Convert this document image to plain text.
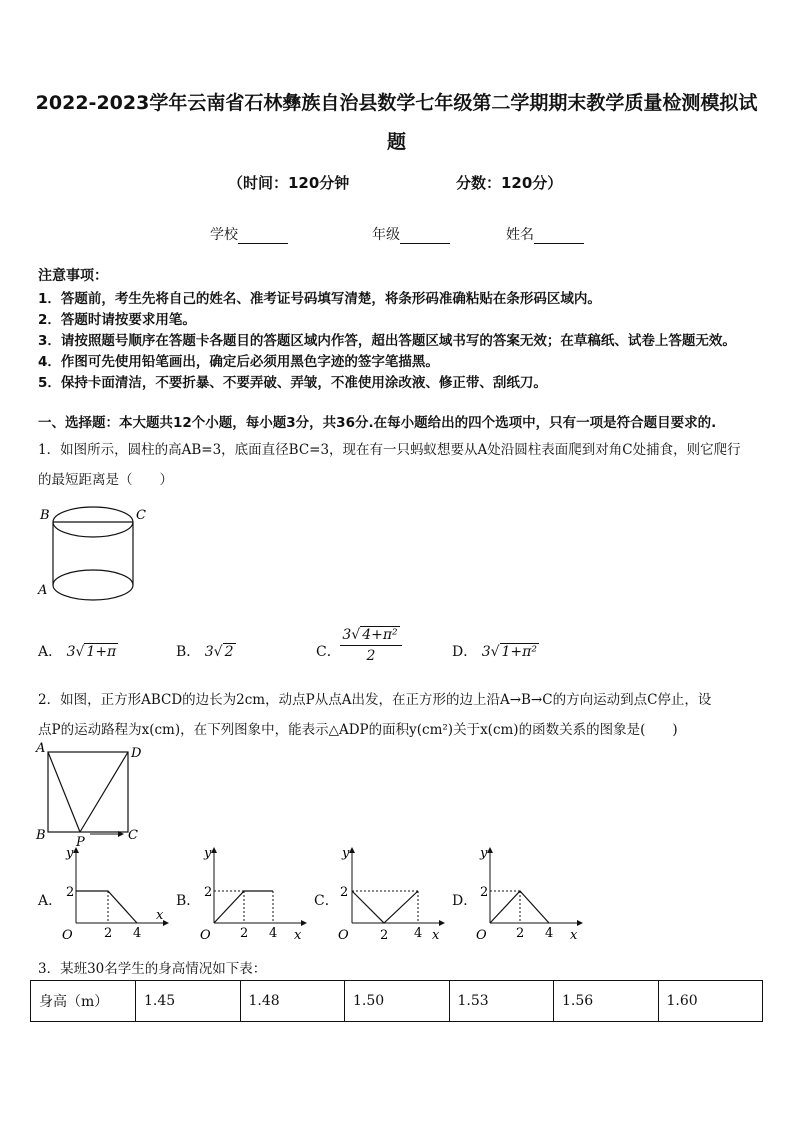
2022-2023学年云南省石林彝族自治县数学七年级第二学期期末教学质量检测模拟试
题
（时间：120分钟	分数：120分）
学校	年级	姓名
注意事项：
1．答题前，考生先将自己的姓名、准考证号码填写清楚，将条形码准确粘贴在条形码区域内。
2．答题时请按要求用笔。
3．请按照题号顺序在答题卡各题目的答题区域内作答，超出答题区域书写的答案无效；在草稿纸、试卷上答题无效。
4．作图可先使用铅笔画出，确定后必须用黑色字迹的签字笔描黑。
5．保持卡面清洁，不要折暴、不要弄破、弄皱，不准使用涂改液、修正带、刮纸刀。
一、选择题：本大题共12个小题，每小题3分，共36分.在每小题给出的四个选项中，只有一项是符合题目要求的.
1．如图所示，圆柱的高AB=3，底面直径BC=3，现在有一只蚂蚁想要从A处沿圆柱表面爬到对角C处捕食，则它爬行
的最短距离是（　　）
B	C
A
A． 3√ 1+π	B． 3√ 2	C．
3√ 4+π²
2	D． 3√ 1+π²
2．如图，正方形ABCD的边长为2cm，动点P从点A出发，在正方形的边上沿A→B→C的方向运动到点C停止，设
点P的运动路程为x(cm)，在下列图象中，能表示△ADP的面积y(cm²)关于x(cm)的函数关系的图象是(　　)
A	D
B P	C
A．	B．	C．	D．
y
2
O 2 4
x
y
2
O 2 4 x
y
2
O 2 4 x
y
2
O 2 4 x
3．某班30名学生的身高情况如下表：
身高（m）	1.45	1.48	1.50	1.53	1.56	1.60
